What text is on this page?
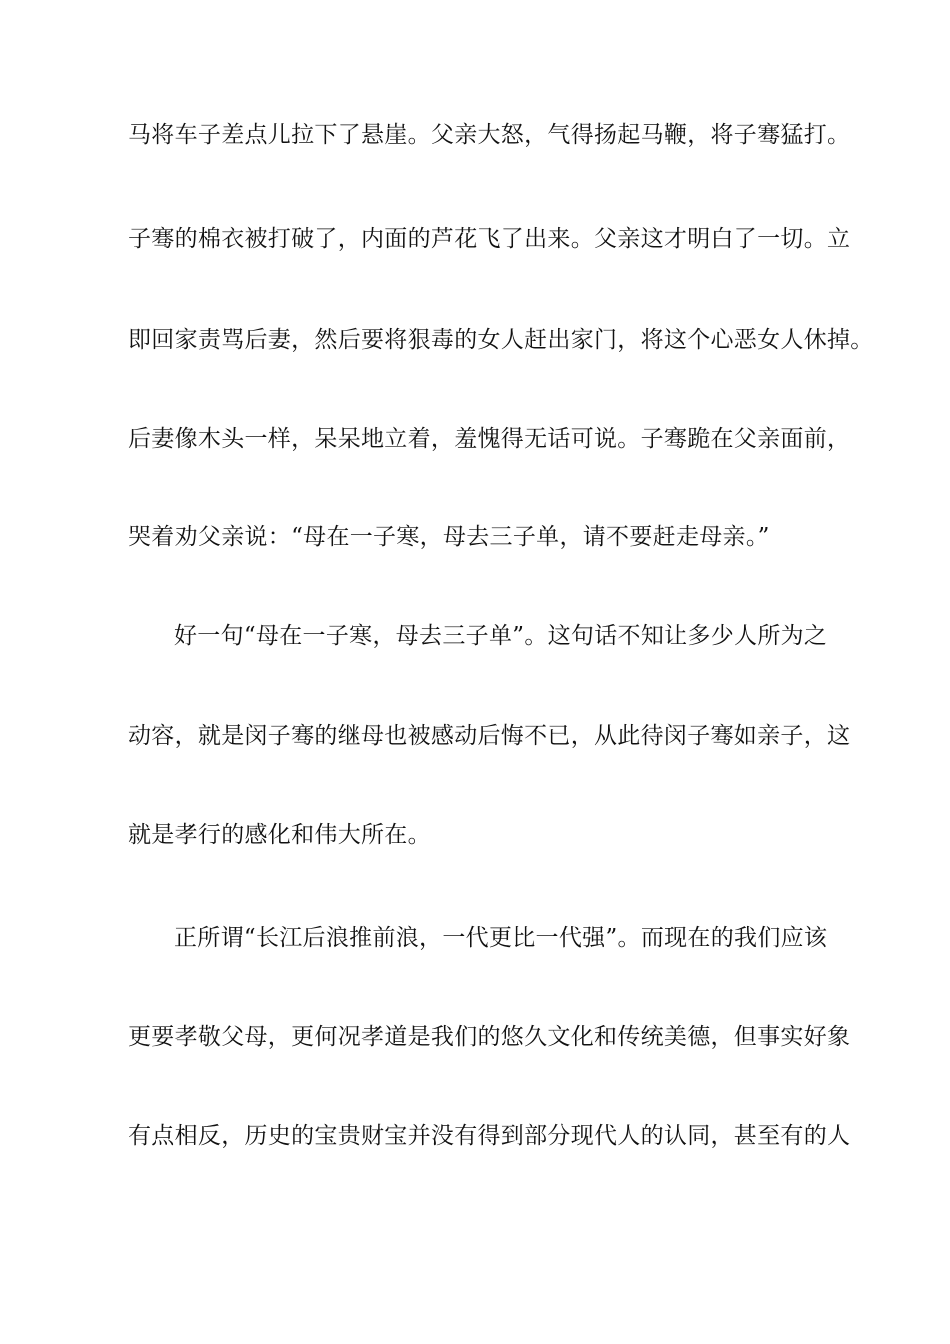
马将车子差点儿拉下了悬崖。父亲大怒，气得扬起马鞭，将子骞猛打。
子骞的棉衣被打破了，内面的芦花飞了出来。父亲这才明白了一切。立
即回家责骂后妻，然后要将狠毒的女人赶出家门，将这个心恶女人休掉。
后妻像木头一样，呆呆地立着，羞愧得无话可说。子骞跪在父亲面前，
哭着劝父亲说：“母在一子寒，母去三子单，请不要赶走母亲。”
好一句“母在一子寒，母去三子单”。这句话不知让多少人所为之
动容，就是闵子骞的继母也被感动后悔不已，从此待闵子骞如亲子，这
就是孝行的感化和伟大所在。
正所谓“长江后浪推前浪，一代更比一代强”。而现在的我们应该
更要孝敬父母，更何况孝道是我们的悠久文化和传统美德，但事实好象
有点相反，历史的宝贵财宝并没有得到部分现代人的认同，甚至有的人
